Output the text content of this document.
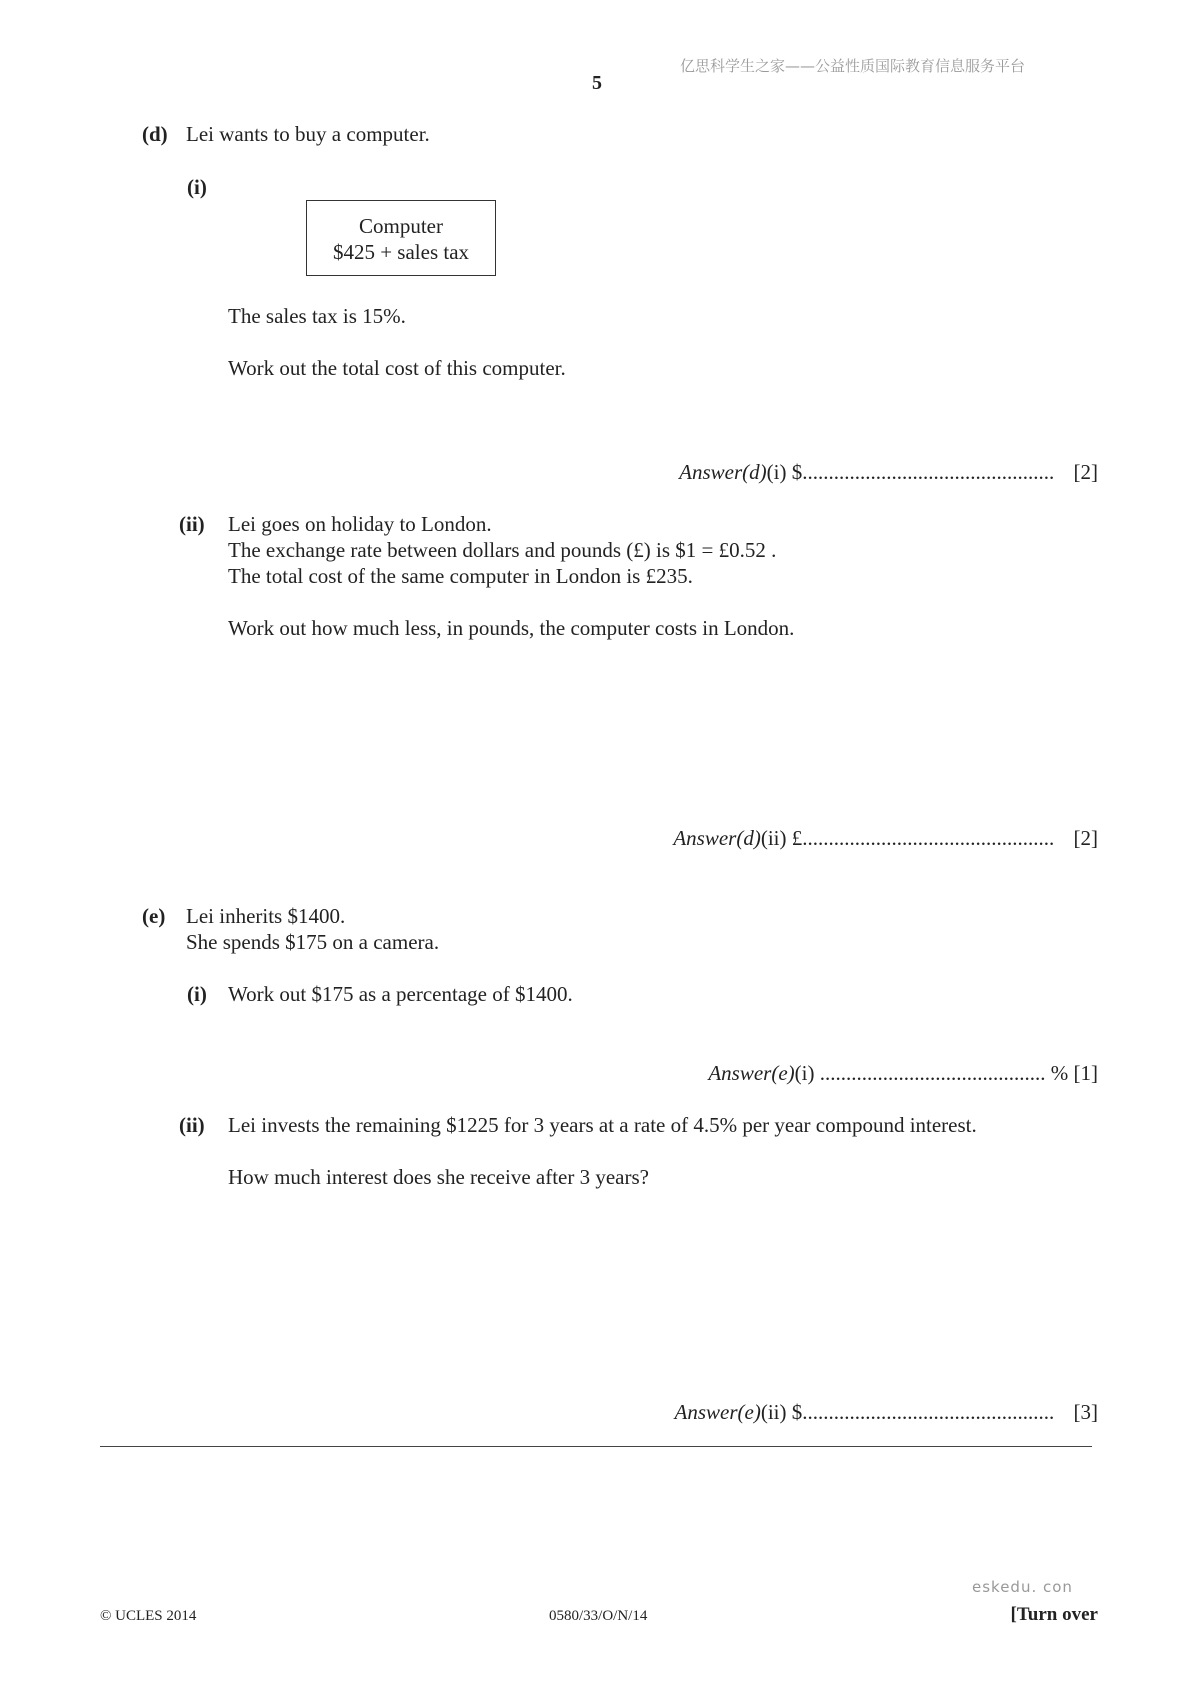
亿思科学生之家——公益性质国际教育信息服务平台
5
(d) Lei wants to buy a computer.
(i)
Computer
$425 + sales tax
The sales tax is 15%.
Work out the total cost of this computer.
Answer(d)(i) $................................................ [2]
(ii) Lei goes on holiday to London.
The exchange rate between dollars and pounds (£) is $1 = £0.52 .
The total cost of the same computer in London is £235.
Work out how much less, in pounds, the computer costs in London.
Answer(d)(ii) £................................................ [2]
(e) Lei inherits $1400.
She spends $175 on a camera.
(i) Work out $175 as a percentage of $1400.
Answer(e)(i) ........................................... % [1]
(ii) Lei invests the remaining $1225 for 3 years at a rate of 4.5% per year compound interest.
How much interest does she receive after 3 years?
Answer(e)(ii) $................................................ [3]
eskedu. con
© UCLES 2014	0580/33/O/N/14	[Turn over
